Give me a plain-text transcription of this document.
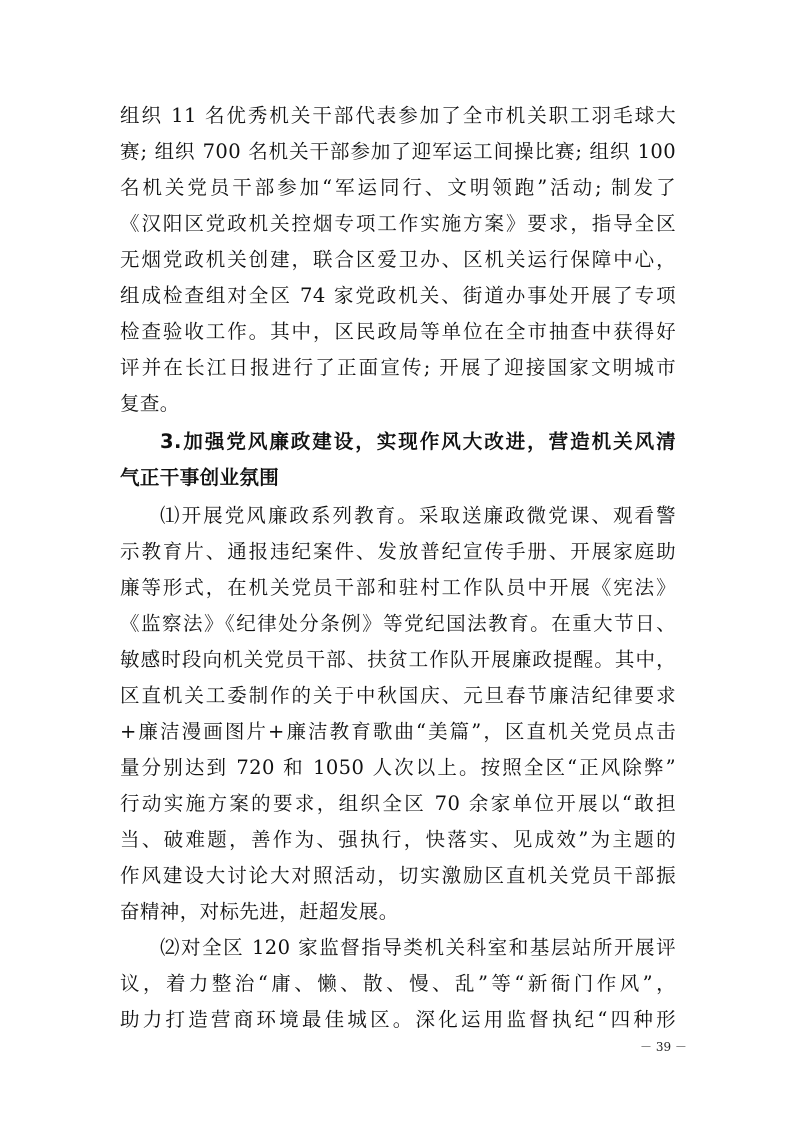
组织 11 名优秀机关干部代表参加了全市机关职工羽毛球大
赛; 组织 700 名机关干部参加了迎军运工间操比赛; 组织 100
名机关党员干部参加“军运同行、文明领跑”活动; 制发了
《汉阳区党政机关控烟专项工作实施方案》要求，指导全区
无烟党政机关创建，联合区爱卫办、区机关运行保障中心，
组成检查组对全区 74 家党政机关、街道办事处开展了专项
检查验收工作。其中，区民政局等单位在全市抽查中获得好
评并在长江日报进行了正面宣传; 开展了迎接国家文明城市
复查。
3.加强党风廉政建设，实现作风大改进，营造机关风清
气正干事创业氛围
⑴开展党风廉政系列教育。采取送廉政微党课、观看警
示教育片、通报违纪案件、发放普纪宣传手册、开展家庭助
廉等形式，在机关党员干部和驻村工作队员中开展《宪法》
《监察法》《纪律处分条例》等党纪国法教育。在重大节日、
敏感时段向机关党员干部、扶贫工作队开展廉政提醒。其中，
区直机关工委制作的关于中秋国庆、元旦春节廉洁纪律要求
+廉洁漫画图片+廉洁教育歌曲“美篇”，区直机关党员点击
量分别达到 720 和 1050 人次以上。按照全区“正风除弊”
行动实施方案的要求，组织全区 70 余家单位开展以“敢担
当、破难题，善作为、强执行，快落实、见成效”为主题的
作风建设大讨论大对照活动，切实激励区直机关党员干部振
奋精神，对标先进，赶超发展。
⑵对全区 120 家监督指导类机关科室和基层站所开展评
议，着力整治“庸、懒、散、慢、乱”等“新衙门作风”，
助力打造营商环境最佳城区。深化运用监督执纪“四种形
－ 39 －
